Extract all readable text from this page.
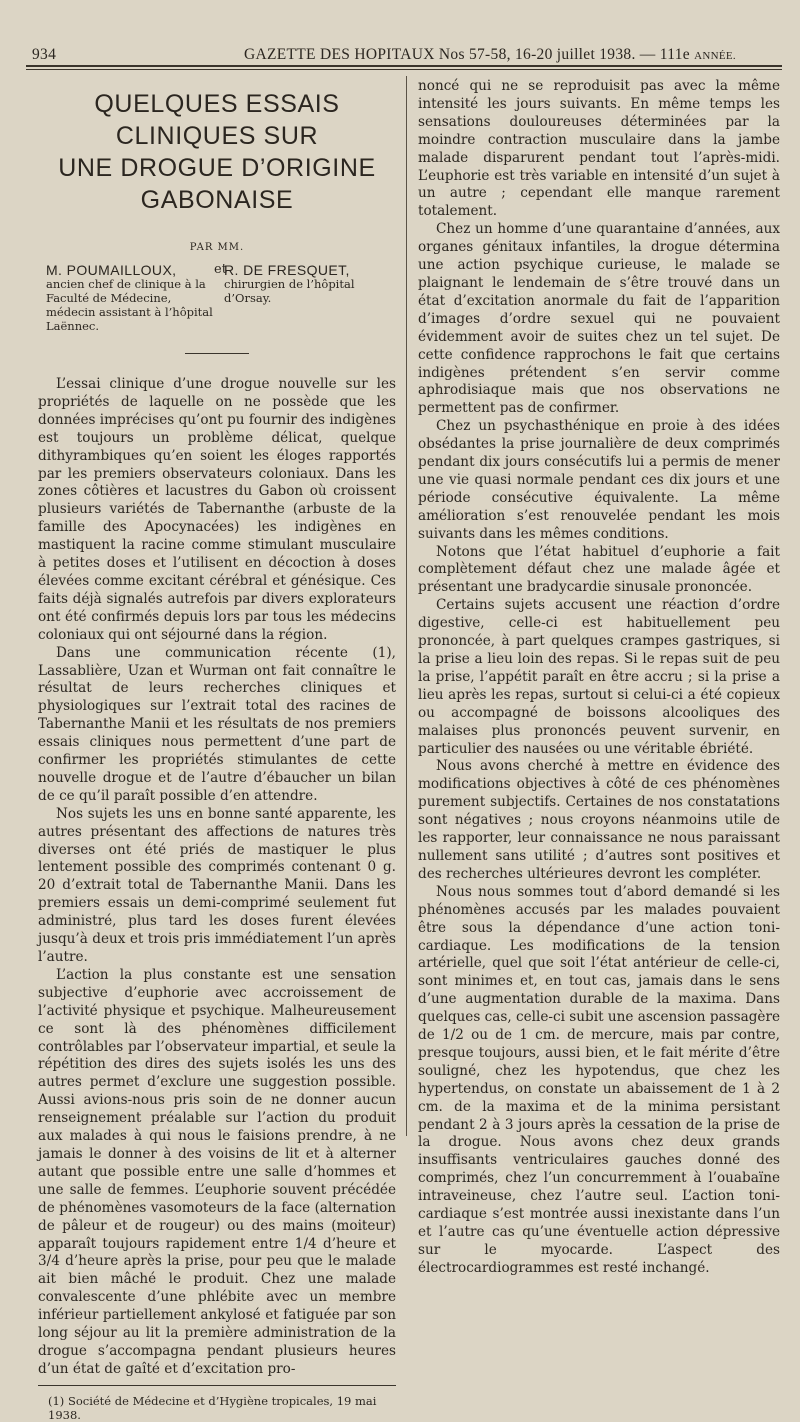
934	GAZETTE DES HOPITAUX Nos 57-58, 16-20 juillet 1938. — 111e ANNÉE.
QUELQUES ESSAIS CLINIQUES SUR
UNE DROGUE D’ORIGINE GABONAISE
PAR MM.
M. POUMAILLOUX,
ancien chef de clinique à la Faculté de Médecine, médecin assistant à l’hôpital Laënnec.
et
R. DE FRESQUET,
chirurgien de l’hôpital d’Orsay.

L’essai clinique d’une drogue nouvelle sur les propriétés de laquelle on ne possède que les données imprécises qu’ont pu fournir des indigènes est toujours un problème délicat, quelque dithyrambiques qu’en soient les éloges rapportés par les premiers observateurs coloniaux. Dans les zones côtières et lacustres du Gabon où croissent plusieurs variétés de Tabernanthe (arbuste de la famille des Apocynacées) les indigènes en mastiquent la racine comme stimulant musculaire à petites doses et l’utilisent en décoction à doses élevées comme excitant cérébral et génésique. Ces faits déjà signalés autrefois par divers explorateurs ont été confirmés depuis lors par tous les médecins coloniaux qui ont séjourné dans la région.

Dans une communication récente (1), Lassablière, Uzan et Wurman ont fait connaître le résultat de leurs recherches cliniques et physiologiques sur l’extrait total des racines de Tabernanthe Manii et les résultats de nos premiers essais cliniques nous permettent d’une part de confirmer les propriétés stimulantes de cette nouvelle drogue et de l’autre d’ébaucher un bilan de ce qu’il paraît possible d’en attendre.

Nos sujets les uns en bonne santé apparente, les autres présentant des affections de natures très diverses ont été priés de mastiquer le plus lentement possible des comprimés contenant 0 g. 20 d’extrait total de Tabernanthe Manii. Dans les premiers essais un demi-comprimé seulement fut administré, plus tard les doses furent élevées jusqu’à deux et trois pris immédiatement l’un après l’autre.

L’action la plus constante est une sensation subjective d’euphorie avec accroissement de l’activité physique et psychique. Malheureusement ce sont là des phénomènes difficilement contrôlables par l’observateur impartial, et seule la répétition des dires des sujets isolés les uns des autres permet d’exclure une suggestion possible. Aussi avions-nous pris soin de ne donner aucun renseignement préalable sur l’action du produit aux malades à qui nous le faisions prendre, à ne jamais le donner à des voisins de lit et à alterner autant que possible entre une salle d’hommes et une salle de femmes. L’euphorie souvent précédée de phénomènes vasomoteurs de la face (alternation de pâleur et de rougeur) ou des mains (moiteur) apparaît toujours rapidement entre 1/4 d’heure et 3/4 d’heure après la prise, pour peu que le malade ait bien mâché le produit. Chez une malade convalescente d’une phlébite avec un membre inférieur partiellement ankylosé et fatiguée par son long séjour au lit la première administration de la drogue s’accompagna pendant plusieurs heures d’un état de gaîté et d’excitation pro-

(1) Société de Médecine et d’Hygiène tropicales, 19 mai 1938.

noncé qui ne se reproduisit pas avec la même intensité les jours suivants. En même temps les sensations douloureuses déterminées par la moindre contraction musculaire dans la jambe malade disparurent pendant tout l’après-midi. L’euphorie est très variable en intensité d’un sujet à un autre ; cependant elle manque rarement totalement.

Chez un homme d’une quarantaine d’années, aux organes génitaux infantiles, la drogue détermina une action psychique curieuse, le malade se plaignant le lendemain de s’être trouvé dans un état d’excitation anormale du fait de l’apparition d’images d’ordre sexuel qui ne pouvaient évidemment avoir de suites chez un tel sujet. De cette confidence rapprochons le fait que certains indigènes prétendent s’en servir comme aphrodisiaque mais que nos observations ne permettent pas de confirmer.

Chez un psychasthénique en proie à des idées obsédantes la prise journalière de deux comprimés pendant dix jours consécutifs lui a permis de mener une vie quasi normale pendant ces dix jours et une période consécutive équivalente. La même amélioration s’est renouvelée pendant les mois suivants dans les mêmes conditions.

Notons que l’état habituel d’euphorie a fait complètement défaut chez une malade âgée et présentant une bradycardie sinusale prononcée.

Certains sujets accusent une réaction d’ordre digestive, celle-ci est habituellement peu prononcée, à part quelques crampes gastriques, si la prise a lieu loin des repas. Si le repas suit de peu la prise, l’appétit paraît en être accru ; si la prise a lieu après les repas, surtout si celui-ci a été copieux ou accompagné de boissons alcooliques des malaises plus prononcés peuvent survenir, en particulier des nausées ou une véritable ébriété.

Nous avons cherché à mettre en évidence des modifications objectives à côté de ces phénomènes purement subjectifs. Certaines de nos constatations sont négatives ; nous croyons néanmoins utile de les rapporter, leur connaissance ne nous paraissant nullement sans utilité ; d’autres sont positives et des recherches ultérieures devront les compléter.

Nous nous sommes tout d’abord demandé si les phénomènes accusés par les malades pouvaient être sous la dépendance d’une action toni-cardiaque. Les modifications de la tension artérielle, quel que soit l’état antérieur de celle-ci, sont minimes et, en tout cas, jamais dans le sens d’une augmentation durable de la maxima. Dans quelques cas, celle-ci subit une ascension passagère de 1/2 ou de 1 cm. de mercure, mais par contre, presque toujours, aussi bien, et le fait mérite d’être souligné, chez les hypotendus, que chez les hypertendus, on constate un abaissement de 1 à 2 cm. de la maxima et de la minima persistant pendant 2 à 3 jours après la cessation de la prise de la drogue. Nous avons chez deux grands insuffisants ventriculaires gauches donné des comprimés, chez l’un concurremment à l’ouabaïne intraveineuse, chez l’autre seul. L’action toni-cardiaque s’est montrée aussi inexistante dans l’un et l’autre cas qu’une éventuelle action dépressive sur le myocarde. L’aspect des électrocardiogrammes est resté inchangé.
